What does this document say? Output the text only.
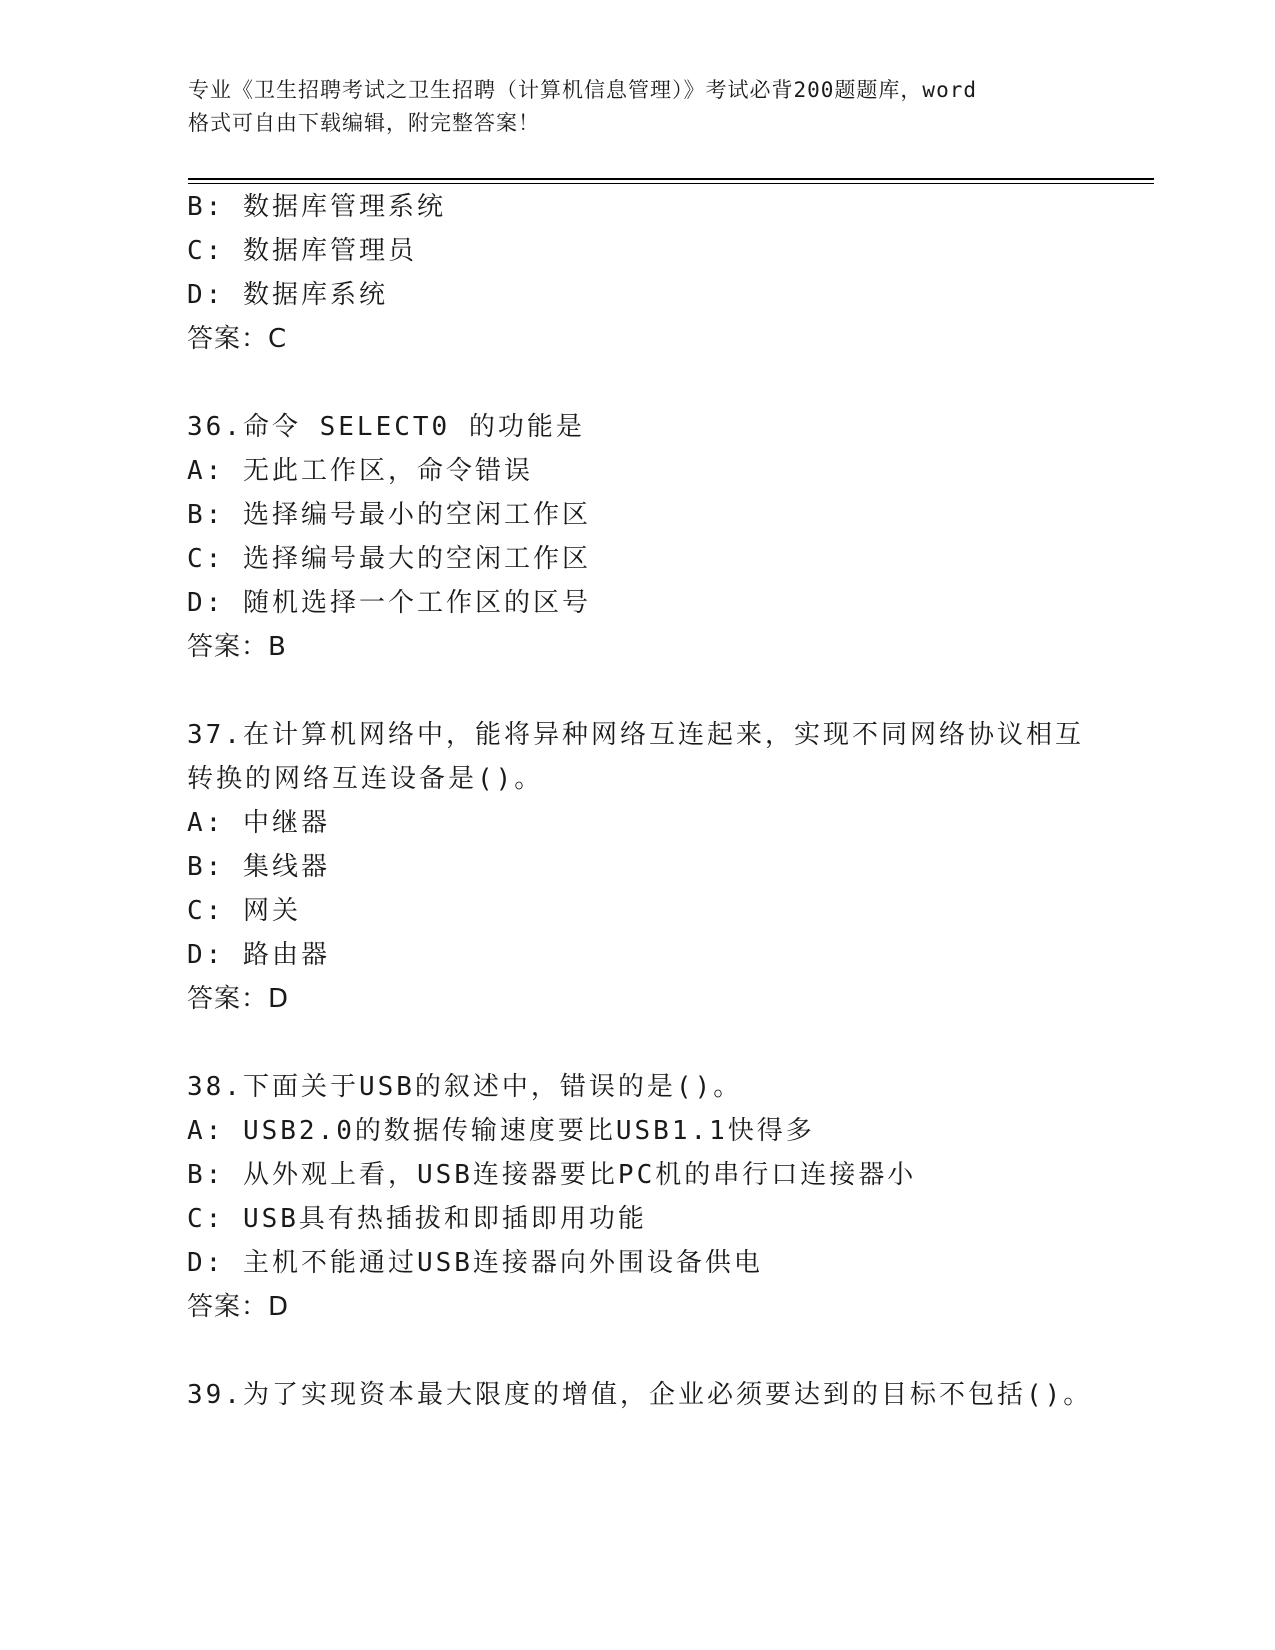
专业《卫生招聘考试之卫生招聘（计算机信息管理）》考试必背200题题库，word
格式可自由下载编辑，附完整答案！
B: 数据库管理系统
C: 数据库管理员
D: 数据库系统
答案：C
36.命令 SELECT0 的功能是
A: 无此工作区，命令错误
B: 选择编号最小的空闲工作区
C: 选择编号最大的空闲工作区
D: 随机选择一个工作区的区号
答案：B
37.在计算机网络中，能将异种网络互连起来，实现不同网络协议相互
转换的网络互连设备是()。
A: 中继器
B: 集线器
C: 网关
D: 路由器
答案：D
38.下面关于USB的叙述中，错误的是()。
A: USB2.0的数据传输速度要比USB1.1快得多
B: 从外观上看，USB连接器要比PC机的串行口连接器小
C: USB具有热插拔和即插即用功能
D: 主机不能通过USB连接器向外围设备供电
答案：D
39.为了实现资本最大限度的增值，企业必须要达到的目标不包括()。
